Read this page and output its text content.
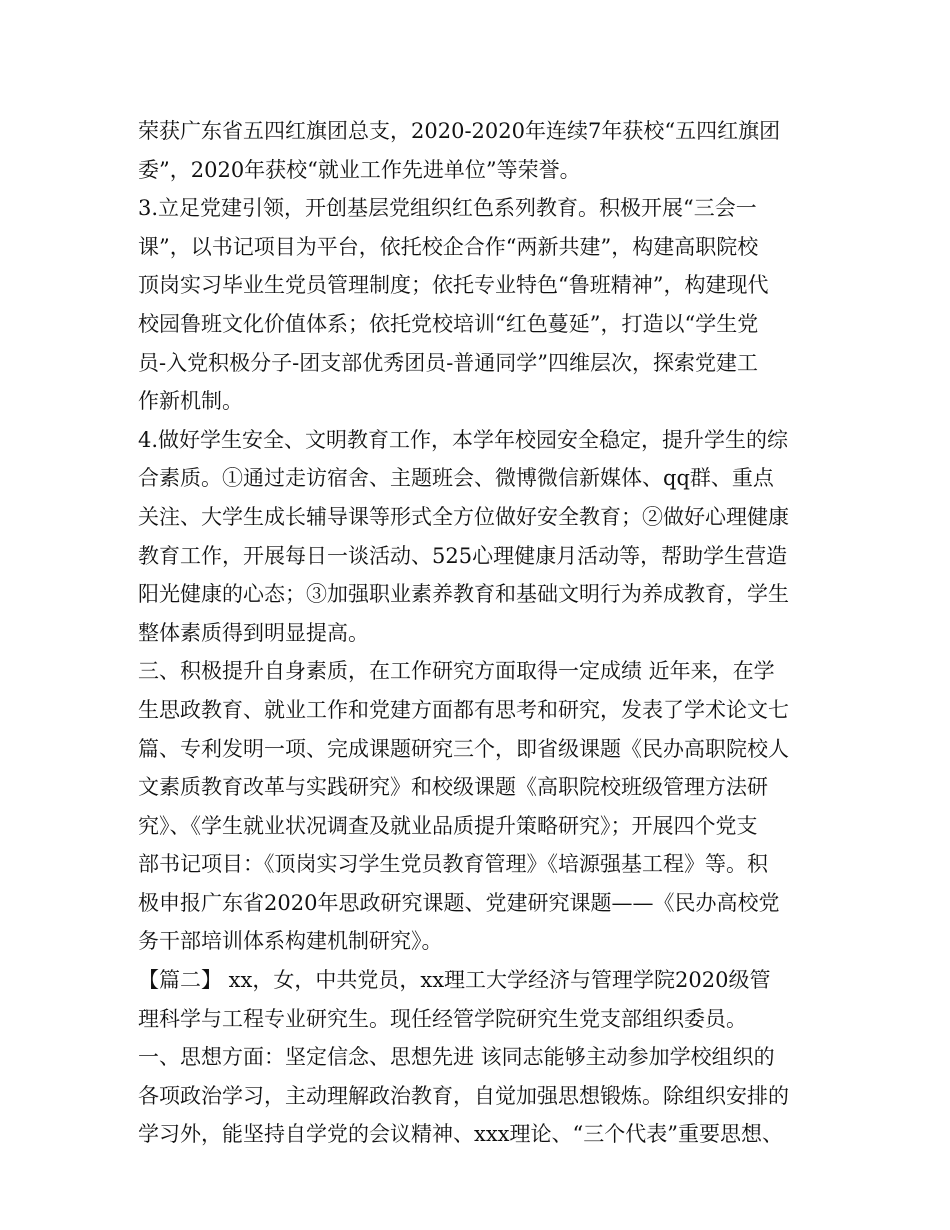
荣获广东省五四红旗团总支，2020-2020年连续7年获校“五四红旗团
委”，2020年获校“就业工作先进单位”等荣誉。
3.立足党建引领，开创基层党组织红色系列教育。积极开展“三会一
课”，以书记项目为平台，依托校企合作“两新共建”，构建高职院校
顶岗实习毕业生党员管理制度；依托专业特色“鲁班精神”，构建现代
校园鲁班文化价值体系；依托党校培训“红色蔓延”，打造以“学生党
员-入党积极分子-团支部优秀团员-普通同学”四维层次，探索党建工
作新机制。
4.做好学生安全、文明教育工作，本学年校园安全稳定，提升学生的综
合素质。①通过走访宿舍、主题班会、微博微信新媒体、qq群、重点
关注、大学生成长辅导课等形式全方位做好安全教育；②做好心理健康
教育工作，开展每日一谈活动、525心理健康月活动等，帮助学生营造
阳光健康的心态；③加强职业素养教育和基础文明行为养成教育，学生
整体素质得到明显提高。
三、积极提升自身素质，在工作研究方面取得一定成绩 近年来，在学
生思政教育、就业工作和党建方面都有思考和研究，发表了学术论文七
篇、专利发明一项、完成课题研究三个，即省级课题《民办高职院校人
文素质教育改革与实践研究》和校级课题《高职院校班级管理方法研
究》、《学生就业状况调查及就业品质提升策略研究》；开展四个党支
部书记项目：《顶岗实习学生党员教育管理》《培源强基工程》等。积
极申报广东省2020年思政研究课题、党建研究课题——《民办高校党
务干部培训体系构建机制研究》。
【篇二】 xx，女，中共党员，xx理工大学经济与管理学院2020级管
理科学与工程专业研究生。现任经管学院研究生党支部组织委员。
一、思想方面：坚定信念、思想先进 该同志能够主动参加学校组织的
各项政治学习，主动理解政治教育，自觉加强思想锻炼。除组织安排的
学习外，能坚持自学党的会议精神、xxx理论、“三个代表”重要思想、
